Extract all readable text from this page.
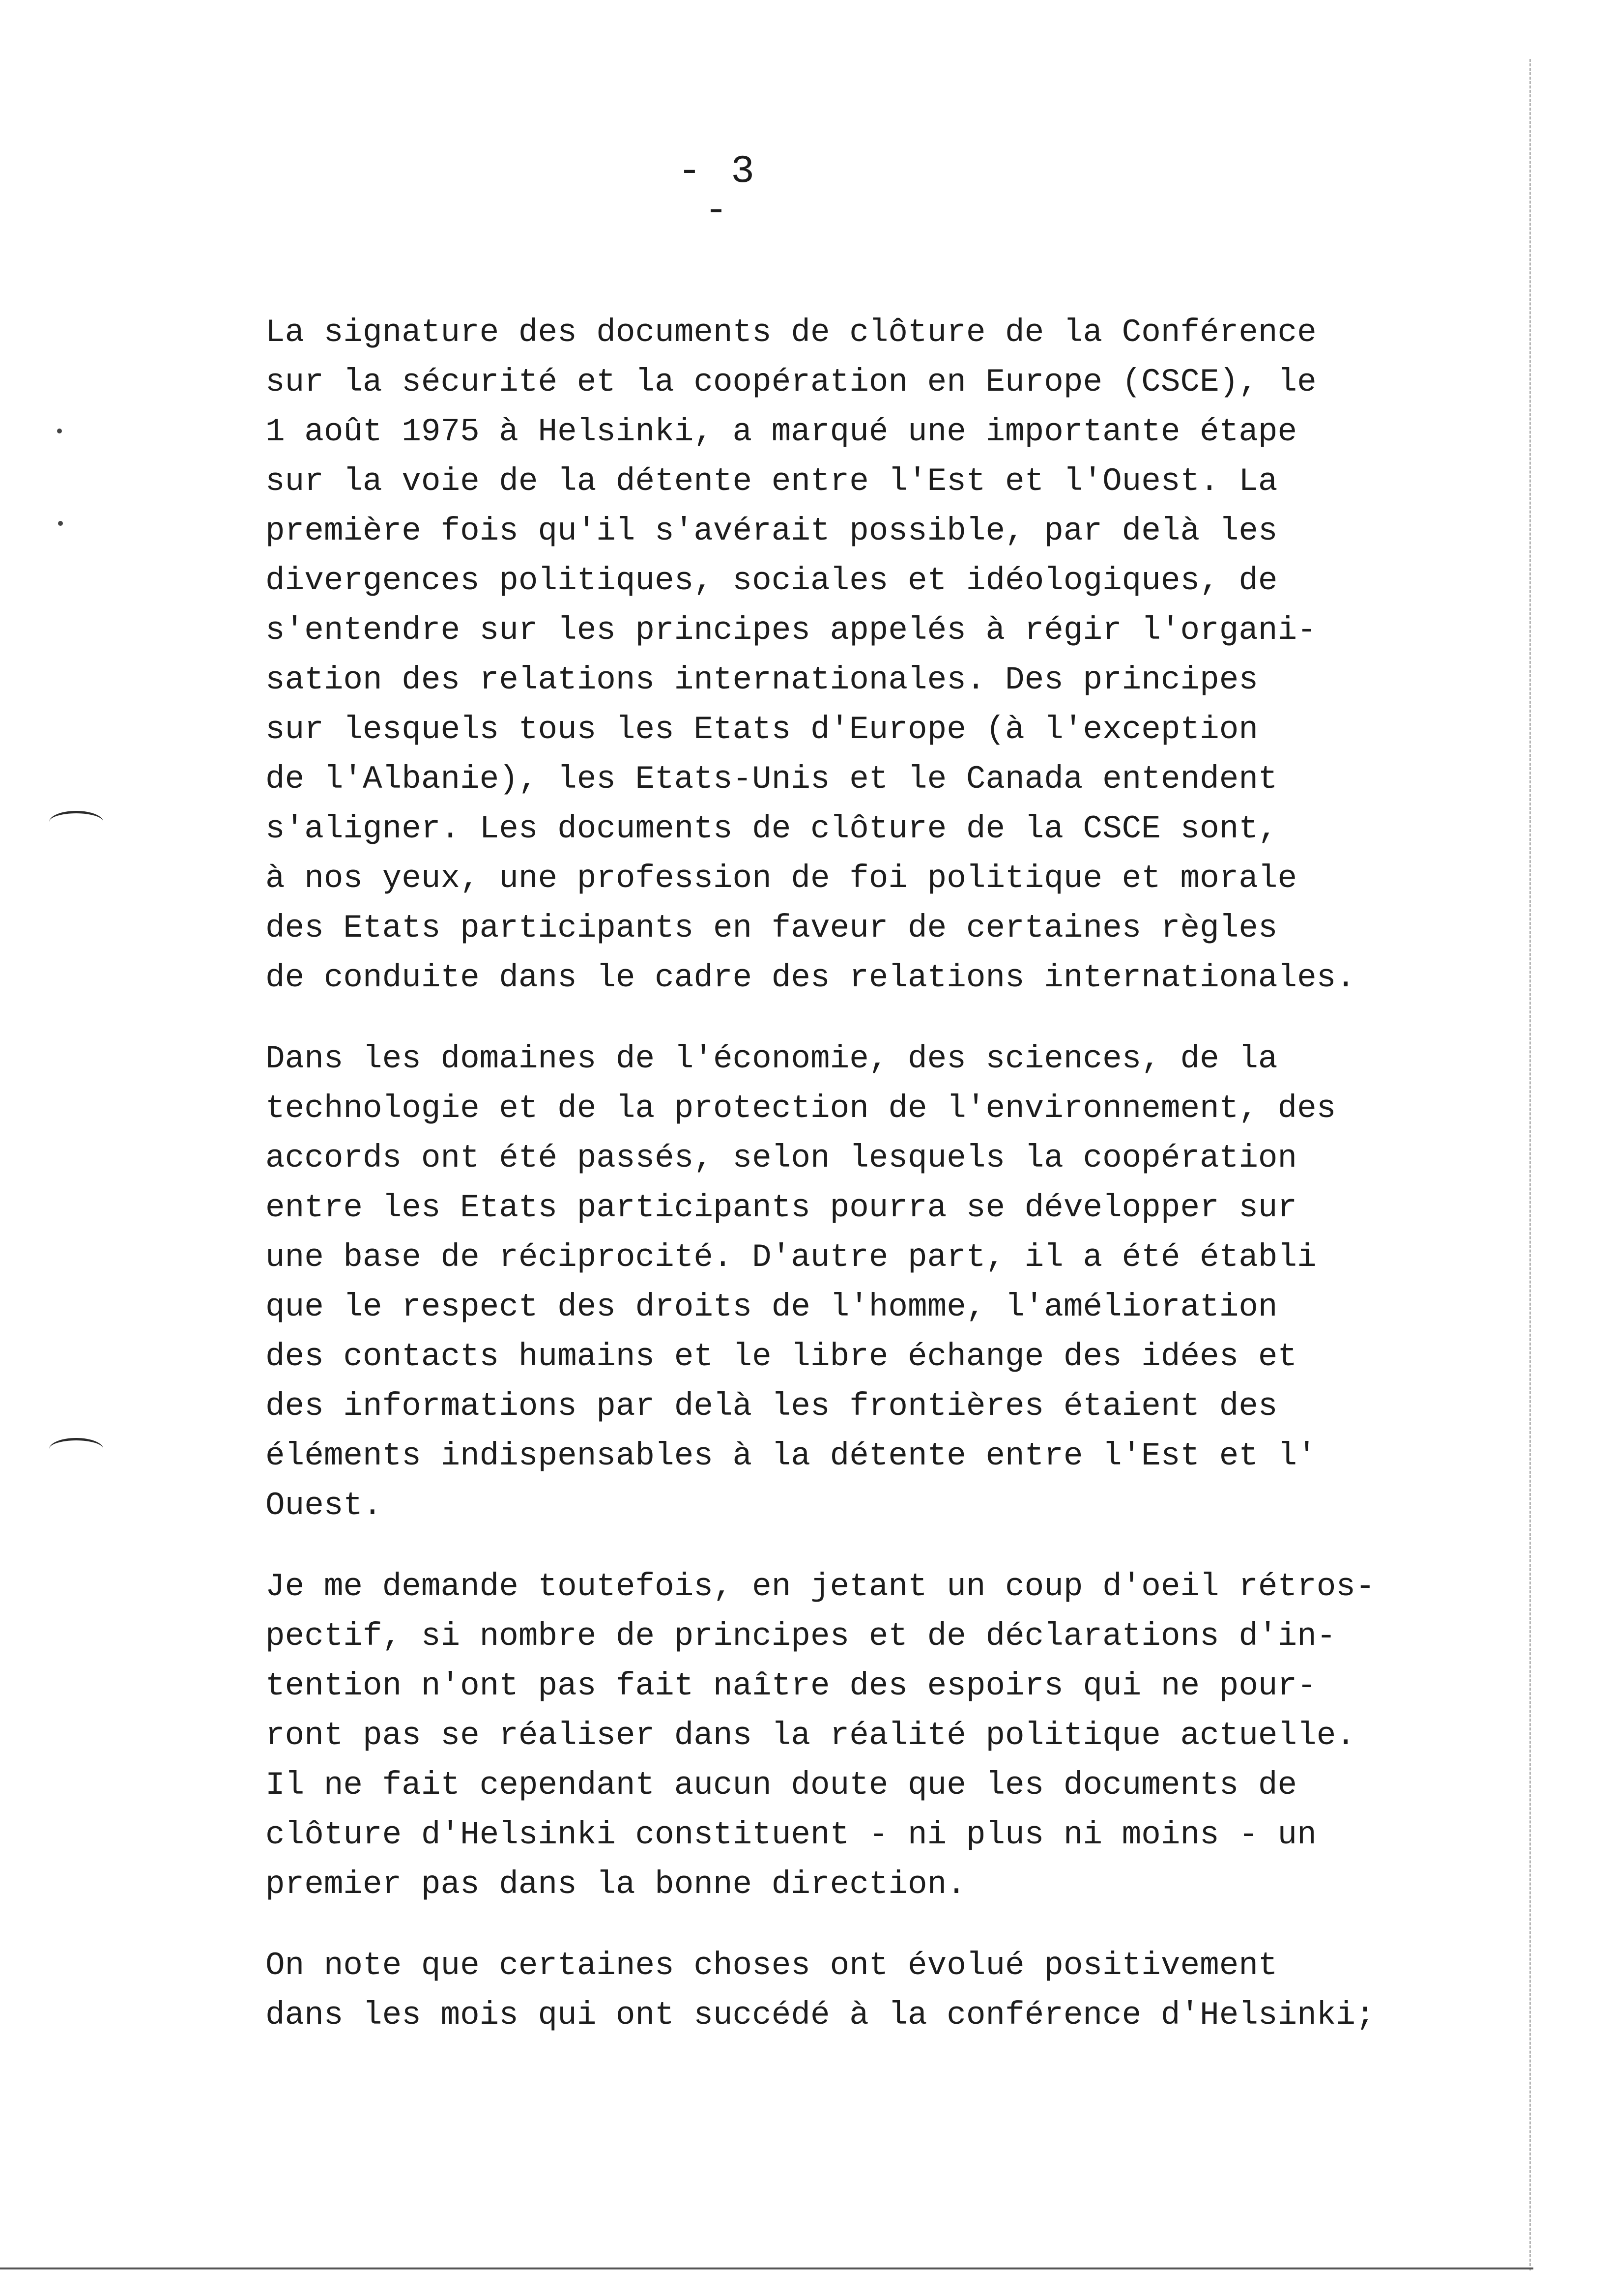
- 3 -
La signature des documents de clôture de la Conférence
sur la sécurité et la coopération en Europe (CSCE), le
1 août 1975 à Helsinki, a marqué une importante étape
sur la voie de la détente entre l'Est et l'Ouest. La
première fois qu'il s'avérait possible, par delà les
divergences politiques, sociales et idéologiques, de
s'entendre sur les principes appelés à régir l'organi-
sation des relations internationales. Des principes
sur lesquels tous les Etats d'Europe (à l'exception
de l'Albanie), les Etats-Unis et le Canada entendent
s'aligner. Les documents de clôture de la CSCE sont,
à nos yeux, une profession de foi politique et morale
des Etats participants en faveur de certaines règles
de conduite dans le cadre des relations internationales.
Dans les domaines de l'économie, des sciences, de la
technologie et de la protection de l'environnement, des
accords ont été passés, selon lesquels la coopération
entre les Etats participants pourra se développer sur
une base de réciprocité. D'autre part, il a été établi
que le respect des droits de l'homme, l'amélioration
des contacts humains et le libre échange des idées et
des informations par delà les frontières étaient des
éléments indispensables à la détente entre l'Est et l'
Ouest.
Je me demande toutefois, en jetant un coup d'oeil rétros-
pectif, si nombre de principes et de déclarations d'in-
tention n'ont pas fait naître des espoirs qui ne pour-
ront pas se réaliser dans la réalité politique actuelle.
Il ne fait cependant aucun doute que les documents de
clôture d'Helsinki constituent - ni plus ni moins - un
premier pas dans la bonne direction.
On note que certaines choses ont évolué positivement
dans les mois qui ont succédé à la conférence d'Helsinki;
